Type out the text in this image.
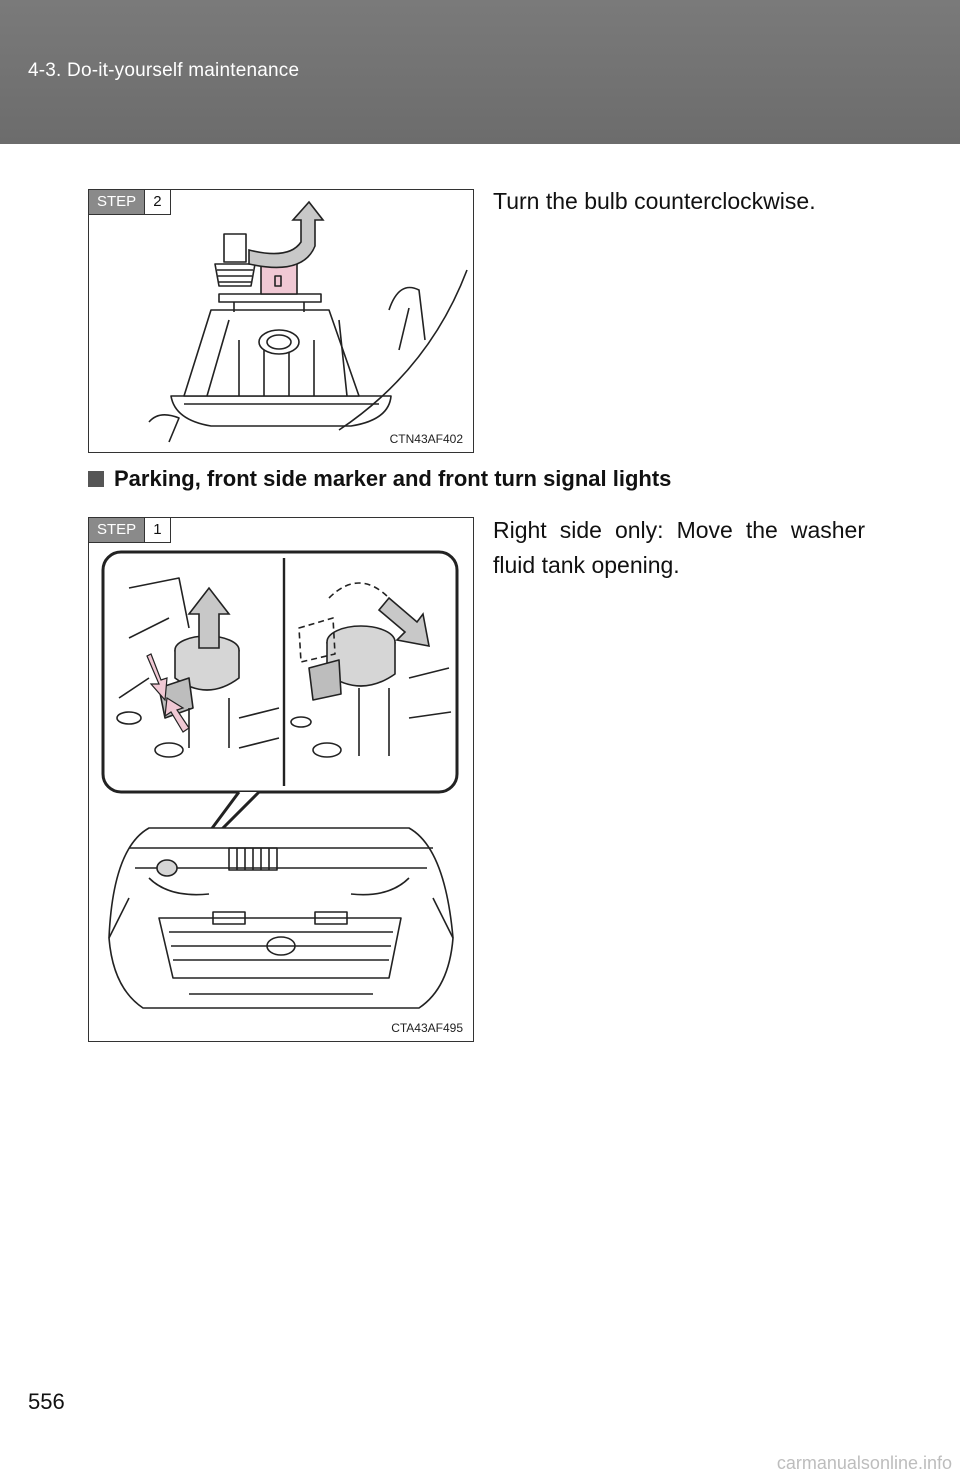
4-3. Do-it-yourself maintenance
STEP	2
CTN43AF402
Turn the bulb counterclockwise.
Parking, front side marker and front turn signal lights
STEP	1
CTA43AF495
Right side only: Move the washer fluid tank opening.
556
carmanualsonline.info
